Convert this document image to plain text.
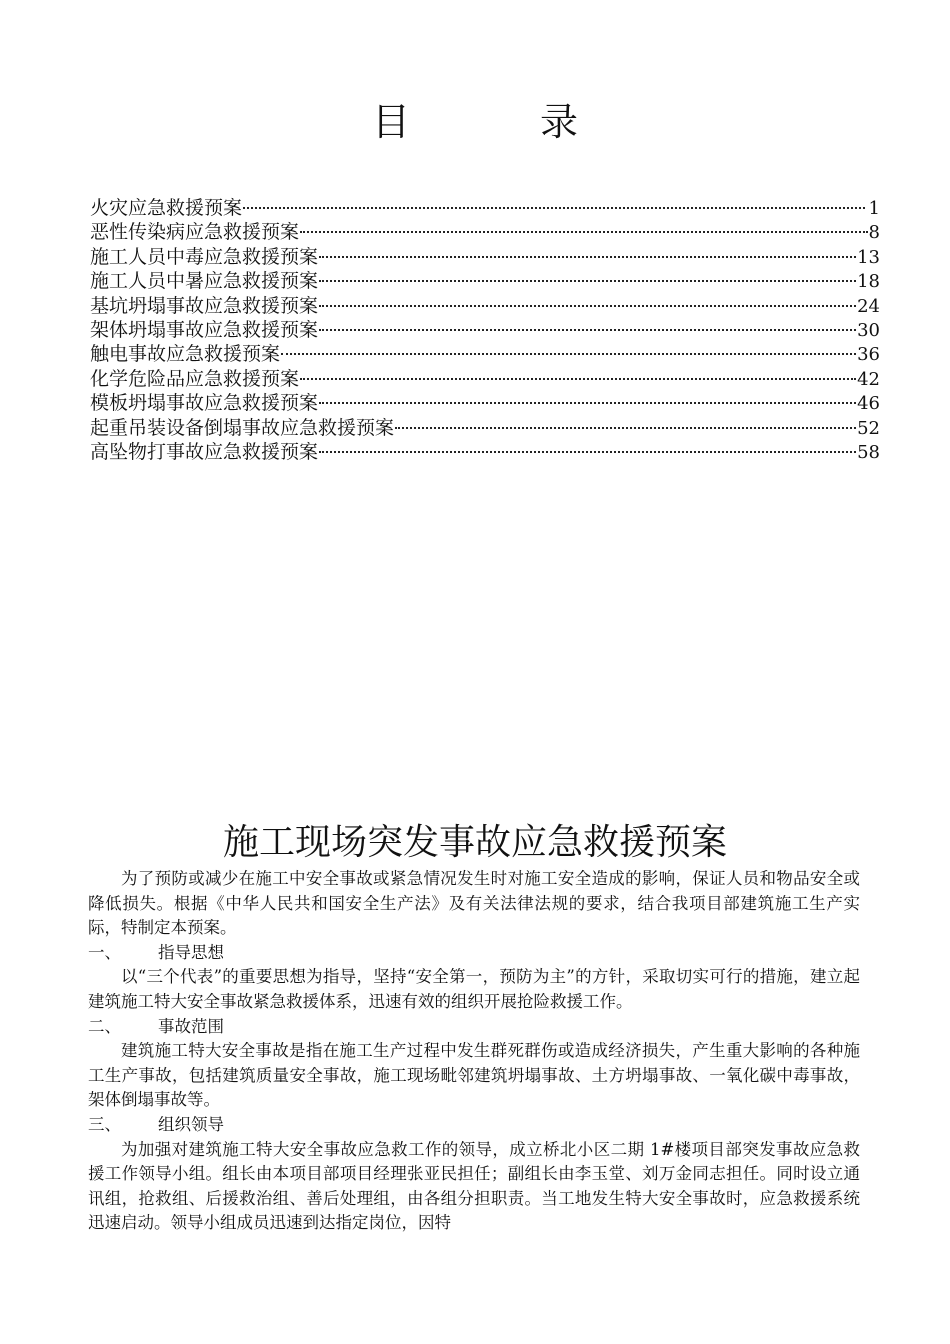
目录
火灾应急救援预案	1
恶性传染病应急救援预案	8
施工人员中毒应急救援预案	13
施工人员中暑应急救援预案	18
基坑坍塌事故应急救援预案	24
架体坍塌事故应急救援预案	30
触电事故应急救援预案	36
化学危险品应急救援预案	42
模板坍塌事故应急救援预案	46
起重吊装设备倒塌事故应急救援预案	52
高坠物打事故应急救援预案	58
施工现场突发事故应急救援预案

为了预防或减少在施工中安全事故或紧急情况发生时对施工安全造成的影响，保证人员和物品安全或降低损失。根据《中华人民共和国安全生产法》及有关法律法规的要求，结合我项目部建筑施工生产实际，特制定本预案。

一、 指导思想

以“三个代表”的重要思想为指导，坚持“安全第一，预防为主”的方针，采取切实可行的措施，建立起建筑施工特大安全事故紧急救援体系，迅速有效的组织开展抢险救援工作。

二、 事故范围

建筑施工特大安全事故是指在施工生产过程中发生群死群伤或造成经济损失，产生重大影响的各种施工生产事故，包括建筑质量安全事故，施工现场毗邻建筑坍塌事故、土方坍塌事故、一氧化碳中毒事故，架体倒塌事故等。

三、 组织领导

为加强对建筑施工特大安全事故应急救工作的领导，成立桥北小区二期 1#楼项目部突发事故应急救援工作领导小组。组长由本项目部项目经理张亚民担任；副组长由李玉堂、刘万金同志担任。同时设立通讯组，抢救组、后援救治组、善后处理组，由各组分担职责。当工地发生特大安全事故时，应急救援系统迅速启动。领导小组成员迅速到达指定岗位，因特
